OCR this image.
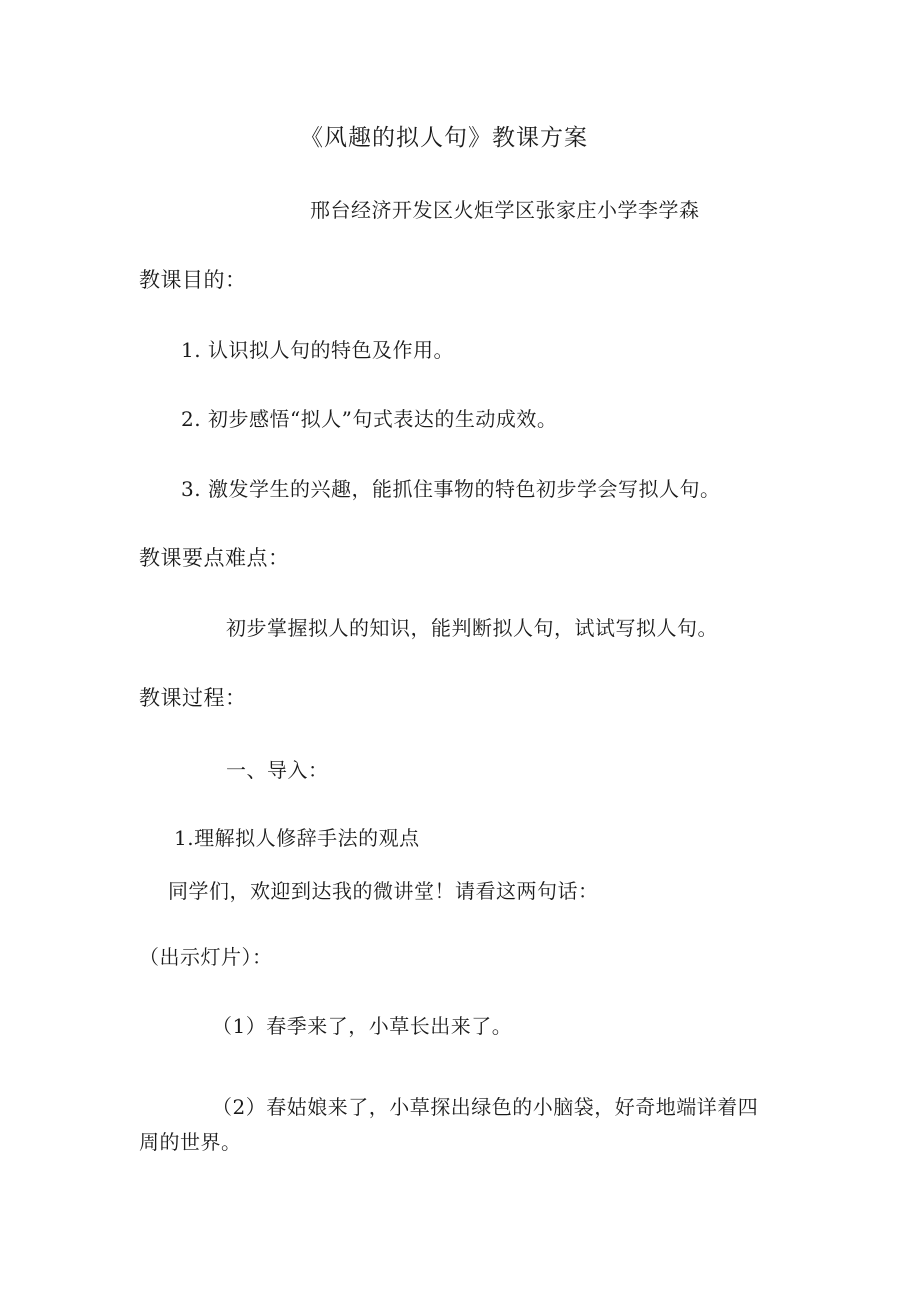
《风趣的拟人句》教课方案
邢台经济开发区火炬学区张家庄小学李学森
教课目的：
1. 认识拟人句的特色及作用。
2. 初步感悟“拟人”句式表达的生动成效。
3. 激发学生的兴趣，能抓住事物的特色初步学会写拟人句。
教课要点难点：
初步掌握拟人的知识，能判断拟人句，试试写拟人句。
教课过程：
一、导入：
1.理解拟人修辞手法的观点
同学们，欢迎到达我的微讲堂！请看这两句话：
（出示灯片）：
（1）春季来了，小草长出来了。
（2）春姑娘来了，小草探出绿色的小脑袋，好奇地端详着四
周的世界。
